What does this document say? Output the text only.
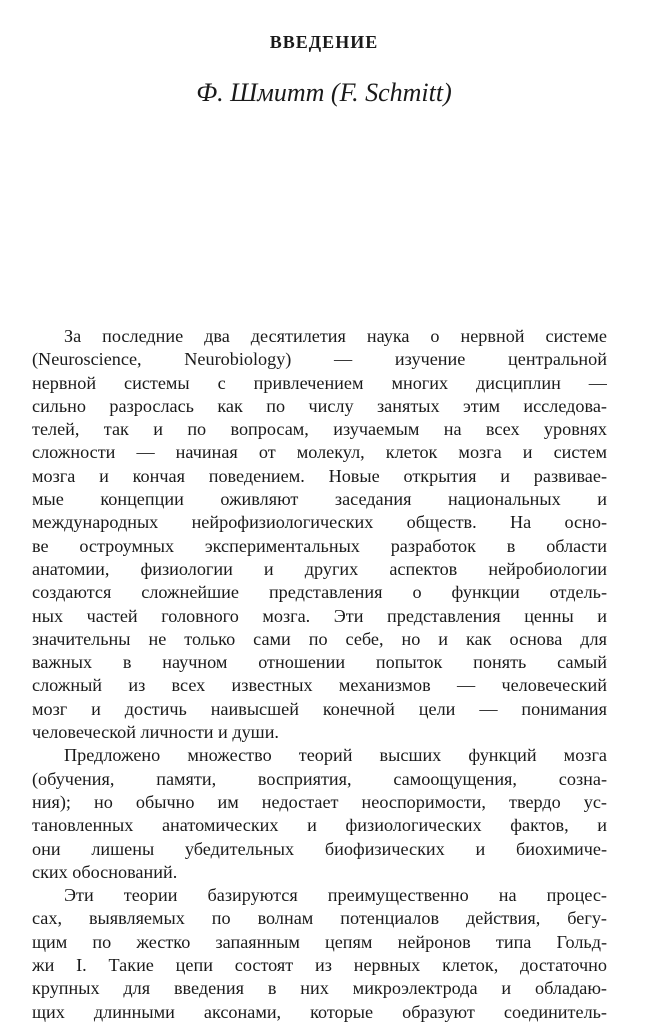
ВВЕДЕНИЕ
Ф. Шмитт (F. Schmitt)
За последние два десятилетия наука о нервной системе
(Neuroscience, Neurobiology) — изучение центральной
нервной системы с привлечением многих дисциплин —
сильно разрослась как по числу занятых этим исследова-
телей, так и по вопросам, изучаемым на всех уровнях
сложности — начиная от молекул, клеток мозга и систем
мозга и кончая поведением. Новые открытия и развивае-
мые концепции оживляют заседания национальных и
международных нейрофизиологических обществ. На осно-
ве остроумных экспериментальных разработок в области
анатомии, физиологии и других аспектов нейробиологии
создаются сложнейшие представления о функции отдель-
ных частей головного мозга. Эти представления ценны и
значительны не только сами по себе, но и как основа для
важных в научном отношении попыток понять самый
сложный из всех известных механизмов — человеческий
мозг и достичь наивысшей конечной цели — понимания
человеческой личности и души.
Предложено множество теорий высших функций мозга
(обучения, памяти, восприятия, самоощущения, созна-
ния); но обычно им недостает неоспоримости, твердо ус-
тановленных анатомических и физиологических фактов, и
они лишены убедительных биофизических и биохимиче-
ских обоснований.
Эти теории базируются преимущественно на процес-
сах, выявляемых по волнам потенциалов действия, бегу-
щим по жестко запаянным цепям нейронов типа Гольд-
жи I. Такие цепи состоят из нервных клеток, достаточно
крупных для введения в них микроэлектрода и обладаю-
щих длинными аксонами, которые образуют соединитель-
